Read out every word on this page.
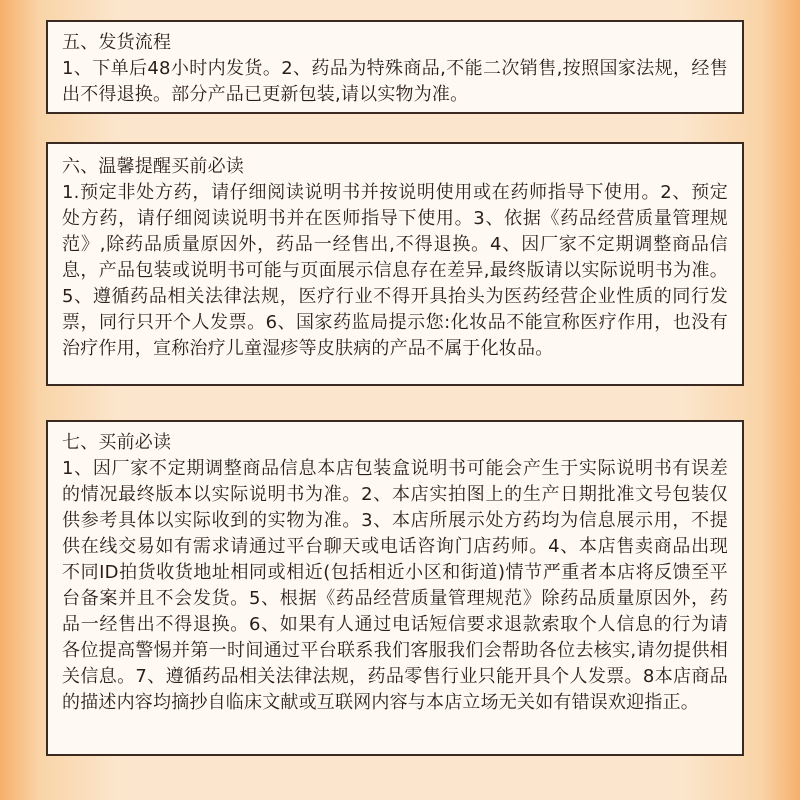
五、发货流程
1、下单后48小时内发货。2、药品为特殊商品,不能二次销售,按照国家法规，经售出不得退换。部分产品已更新包装,请以实物为准。
六、温馨提醒买前必读
1.预定非处方药，请仔细阅读说明书并按说明使用或在药师指导下使用。2、预定处方药，请仔细阅读说明书并在医师指导下使用。3、依据《药品经营质量管理规范》,除药品质量原因外，药品一经售出,不得退换。4、因厂家不定期调整商品信息，产品包装或说明书可能与页面展示信息存在差异,最终版请以实际说明书为准。5、遵循药品相关法律法规，医疗行业不得开具抬头为医药经营企业性质的同行发票，同行只开个人发票。6、国家药监局提示您:化妆品不能宣称医疗作用，也没有治疗作用，宣称治疗儿童湿疹等皮肤病的产品不属于化妆品。
七、买前必读
1、因厂家不定期调整商品信息本店包装盒说明书可能会产生于实际说明书有误差的情况最终版本以实际说明书为准。2、本店实拍图上的生产日期批准文号包装仅供参考具体以实际收到的实物为准。3、本店所展示处方药均为信息展示用，不提供在线交易如有需求请通过平台聊天或电话咨询门店药师。4、本店售卖商品出现不同ID拍货收货地址相同或相近(包括相近小区和街道)情节严重者本店将反馈至平台备案并且不会发货。5、根据《药品经营质量管理规范》除药品质量原因外，药品一经售出不得退换。6、如果有人通过电话短信要求退款索取个人信息的行为请各位提高警惕并第一时间通过平台联系我们客服我们会帮助各位去核实,请勿提供相关信息。7、遵循药品相关法律法规，药品零售行业只能开具个人发票。8本店商品的描述内容均摘抄自临床文献或互联网内容与本店立场无关如有错误欢迎指正。
